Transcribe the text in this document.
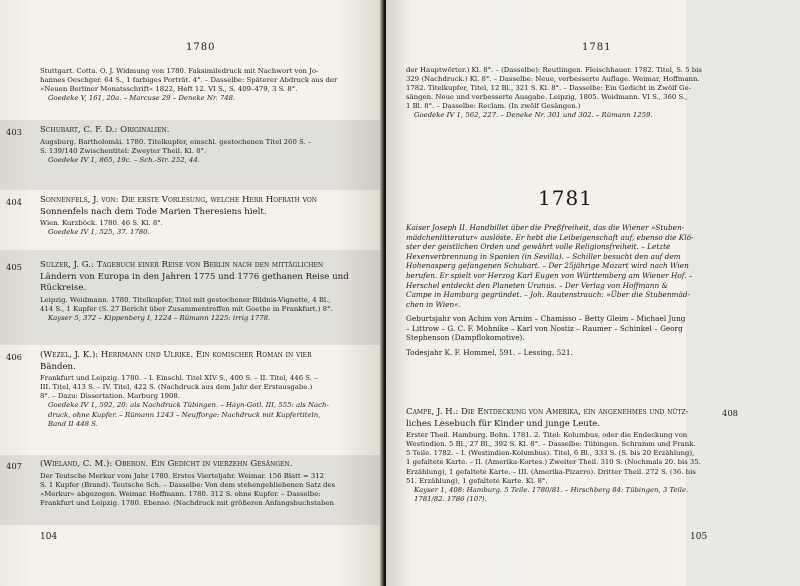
1780
Stuttgart. Cotta. O. J. Widmung von 1780. Faksimiledruck mit Nachwort von Jo-
hannes Oeschger. 64 S., 1 farbiges Porträt. 4°. – Dasselbe: Späterer Abdruck aus der
»Neuen Berliner Monatsschrift« 1822, Heft 12. VI S., S. 409–479, 3 S. 8°.
Goedeke V, 161, 20a. – Marcuse 29 – Deneke Nr. 748.
403 Schubart, C. F. D.: Originalien.
Augsburg. Bartholomäi. 1780. Titelkupfer, einschl. gestochenen Titel 260 S. –
S. 139/140 Zwischentitel: Zweyter Theil. Kl. 8°.
Goedeke IV 1, 865, 19c. – Sch.-Str. 252, 44.
404 Sonnenfels, J. von: Die erste Vorlesung, welche Herr Hofrath von
Sonnenfels nach dem Tode Marien Theresiens hielt.
Wien. Kurzböck. 1780. 46 S. Kl. 8°.
Goedeke IV 1, 525, 37. 1780.
405 Sulzer, J. G.: Tagebuch einer Reise von Berlin nach den mittäglichen
Ländern von Europa in den Jahren 1775 und 1776 gethanen Reise und
Rückreise.
Leipzig. Weidmann. 1780. Titelkupfer, Titel mit gestochener Bildnis-Vignette, 4 Bl.,
414 S., 1 Kupfer (S. 27 Bericht über Zusammentreffen mit Goethe in Frankfurt.) 8°.
Kayser 5, 372 – Kippenberg I, 1224 – Rümann 1225: irrig 1778.
406 (Wezel, J. K.): Herrmann und Ulrike. Ein komischer Roman in vier
Bänden.
Frankfurt und Leipzig. 1780. – I. Einschl. Titel XIV S., 400 S. – II. Titel, 446 S. –
III. Titel, 413 S. – IV. Titel, 422 S. (Nachdruck aus dem Jahr der Erstausgabe.)
8°. – Dazu: Dissertation. Marburg 1908.
Goedeke IV 1, 592, 20: als Nachdruck Tübingen. – Hayn-Gotl. III, 555: als Nach-
druck, ohne Kupfer. – Rümann 1243 – Neufforge: Nachdruck mit Kupfertiteln,
Band II 448 S.
407 (Wieland, C. M.): Oberon. Ein Gedicht in vierzehn Gesängen.
Der Teutsche Merkur vom Jahr 1780. Erstes Vierteljahr. Weimar. 156 Blatt = 312
S. 1 Kupfer (Brand). Teutsche Sch. – Dasselbe: Von dem stehengebliebenen Satz des
»Merkur« abgezogen. Weimar. Hoffmann. 1780. 312 S. ohne Kupfer. – Dasselbe:
Frankfurt und Leipzig. 1780. Ebenso. (Nachdruck mit größeren Anfangsbuchstaben
104
1781
der Hauptwörter.) Kl. 8°. – (Dasselbe): Reutlingen. Fleischhauer. 1782. Titel, S. 5 bis
329 (Nachdruck.) Kl. 8°. – Dasselbe: Neue, verbesserte Auflage. Weimar, Hoffmann.
1782. Titelkupfer, Titel, 12 Bl., 321 S. Kl. 8°. – Dasselbe: Ein Gedicht in Zwölf Ge-
sängen. Neue und verbesserte Ausgabe. Leipzig, 1805. Weidmann. VI S., 360 S.,
1 Bl. 8°. – Dasselbe: Reclam. (In zwölf Gesängen.)
Goedeke IV 1, 562, 227. – Deneke Nr. 301 und 302. – Rümann 1259.
1781
Kaiser Joseph II. Handbillet über die Preßfreiheit, das die Wiener »Stuben-
mädchenlitteratur« auslöste. Er hebt die Leibeigenschaft auf, ebenso die Klö-
ster der geistlichen Orden und gewährt volle Religionsfreiheit. – Letzte
Hexenverbrennung in Spanien (in Sevilla). – Schiller besucht den auf dem
Hohenasperg gefangenen Schubart. – Der 25jährige Mozart wird nach Wien
berufen. Er spielt vor Herzog Karl Eugen von Württemberg am Wiener Hof. –
Herschel entdeckt den Planeten Uranus. – Der Verlag von Hoffmann &
Campe in Hamburg gegründet. – Joh. Rautenstrauch: »Über die Stubenmäd-
chen in Wien«.
Geburtsjahr von Achim von Arnim – Chamisso – Betty Gleim – Michael Jung
– Littrow – G. C. F. Mohnike – Karl von Nostiz – Raumer – Schinkel – Georg
Stephenson (Dampflokomotive).
Todesjahr K. F. Hommel, 591. – Lessing, 521.
Campe, J. H.: Die Entdeckung von Amerika, ein angenehmes und nütz-
liches Lesebuch für Kinder und junge Leute.
Erster Theil. Hamburg. Bohn. 1781. 2. Titel: Kolumbus, oder die Endeckung von
Westindien. 5 Bl., 27 Bl., 392 S. Kl. 8°. – Dasselbe: Tübingen. Schramm und Frank.
5 Teile. 1782. – I. (Westindien-Kolumbus). Titel, 6 Bl., 333 S. (S. bis 20 Erzählung),
1 gefaltete Karte. – II. (Amerika-Kortes.) Zweiter Theil. 310 S. (Nochmals 20. bis 35.
Erzählung), 1 gefaltete Karte. – III. (Amerika-Pizarro). Dritter Theil. 272 S. (36. bis
51. Erzählung), 1 gefaltete Karte. Kl. 8°.
Kayser 1, 408: Hamburg. 5 Teile. 1780/81. – Hirschberg 84: Tübingen, 3 Teile.
1781/82. 1786 (10?).
408
105
